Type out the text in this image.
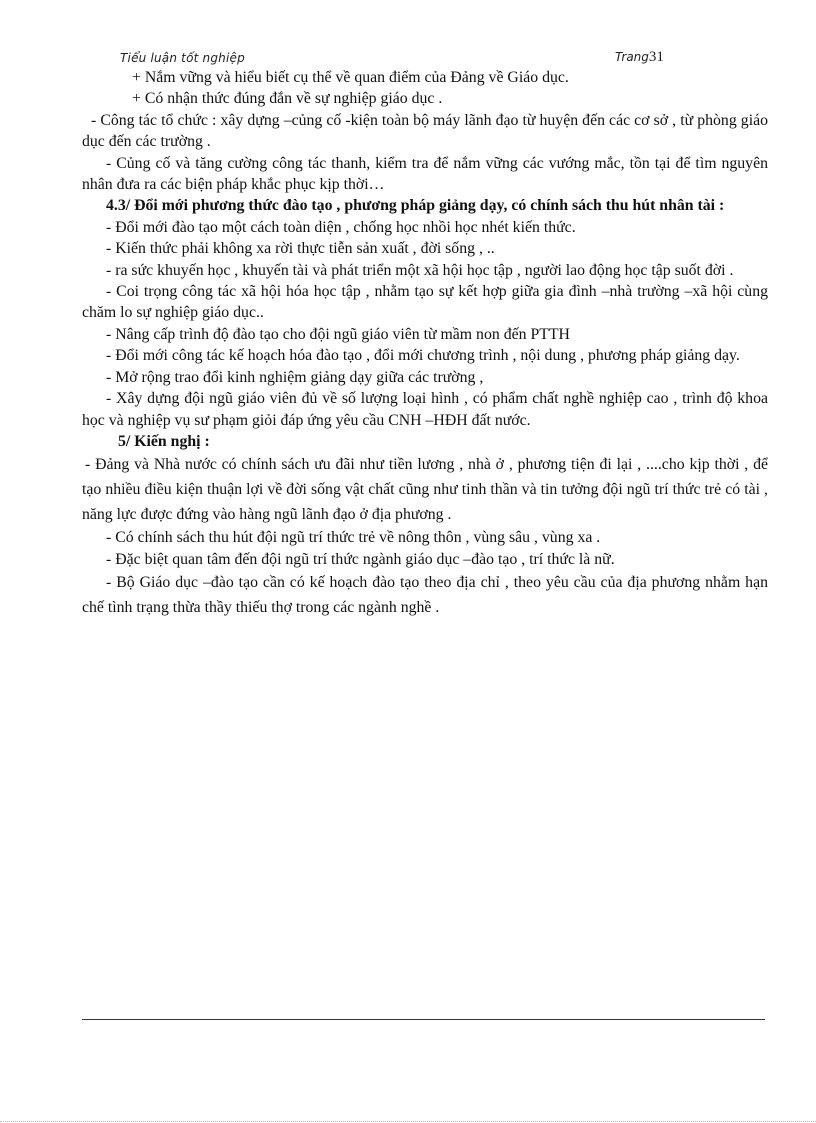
Tiểu luận tốt nghiệp	Trang31

+ Nắm vững và hiểu biết cụ thể về quan điểm của Đảng về Giáo dục.

+ Có nhận thức đúng đắn về sự nghiệp giáo dục .

- Công tác tổ chức : xây dựng –củng cố -kiện toàn bộ máy lãnh đạo từ huyện đến các cơ sở , từ phòng giáo dục đến các trường .

- Củng cố và tăng cường công tác thanh, kiểm tra để nắm vững các vướng mắc, tồn tại để tìm nguyên nhân đưa ra các biện pháp khắc phục kịp thời…

4.3/ Đổi mới phương thức đào tạo , phương pháp giảng dạy, có chính sách thu hút nhân tài :

- Đổi mới đào tạo một cách toàn diện , chống học nhồi học nhét kiến thức.

- Kiến thức phải không xa rời thực tiễn sản xuất , đời sống , ..

- ra sức khuyến học , khuyến tài và phát triển một xã hội học tập , người lao động học tập suốt đời .

- Coi trọng công tác xã hội hóa học tập , nhằm tạo sự kết hợp giữa gia đình –nhà trường –xã hội cùng chăm lo sự nghiệp giáo dục..

- Nâng cấp trình độ đào tạo cho đội ngũ giáo viên từ mầm non đến PTTH

- Đổi mới công tác kế hoạch hóa đào tạo , đổi mới chương trình , nội dung , phương pháp giảng dạy.

- Mở rộng trao đổi kinh nghiệm giảng dạy giữa các trường ,

- Xây dựng đội ngũ giáo viên đủ về số lượng loại hình , có phẩm chất nghề nghiệp cao , trình độ khoa học và nghiệp vụ sư phạm giỏi đáp ứng yêu cầu CNH –HĐH đất nước.

5/ Kiến nghị :

- Đảng và Nhà nước có chính sách ưu đãi như tiền lương , nhà ở , phương tiện đi lại , ....cho kịp thời , để tạo nhiều điều kiện thuận lợi về đời sống vật chất cũng như tinh thần và tin tưởng đội ngũ trí thức trẻ có tài , năng lực được đứng vào hàng ngũ lãnh đạo ở địa phương .

- Có chính sách thu hút đội ngũ trí thức trẻ về nông thôn , vùng sâu , vùng xa .

- Đặc biệt quan tâm đến đội ngũ trí thức ngành giáo dục –đào tạo , trí thức là nữ.

- Bộ Giáo dục –đào tạo cần có kế hoạch đào tạo theo địa chỉ , theo yêu cầu của địa phương nhằm hạn chế tình trạng thừa thầy thiếu thợ trong các ngành nghề .
